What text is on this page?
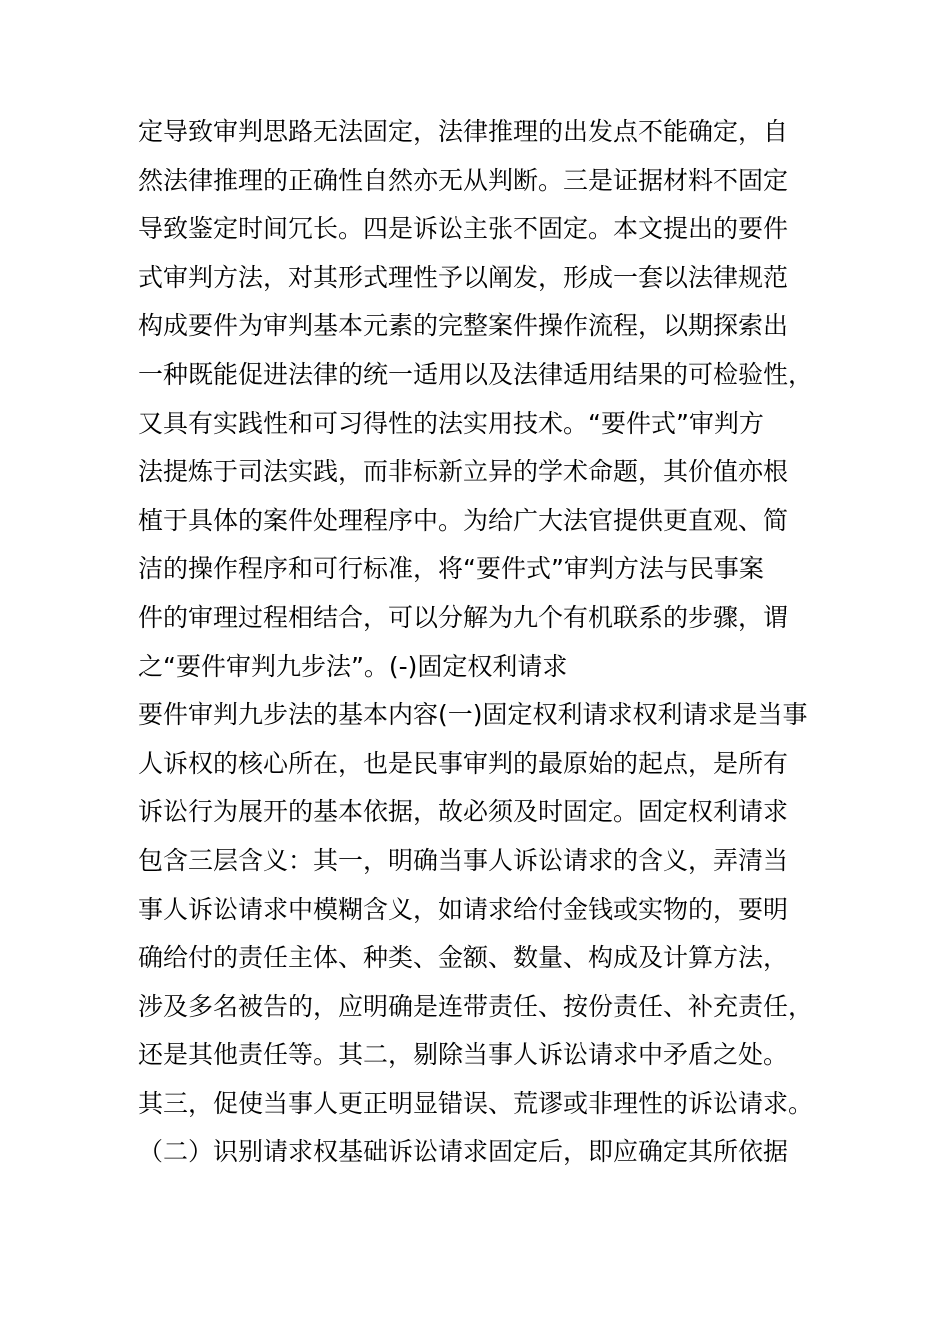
定导致审判思路无法固定，法律推理的出发点不能确定，自
然法律推理的正确性自然亦无从判断。三是证据材料不固定
导致鉴定时间冗长。四是诉讼主张不固定。本文提出的要件
式审判方法，对其形式理性予以阐发，形成一套以法律规范
构成要件为审判基本元素的完整案件操作流程，以期探索出
一种既能促进法律的统一适用以及法律适用结果的可检验性，
又具有实践性和可习得性的法实用技术。“要件式”审判方
法提炼于司法实践，而非标新立异的学术命题，其价值亦根
植于具体的案件处理程序中。为给广大法官提供更直观、简
洁的操作程序和可行标准，将“要件式”审判方法与民事案
件的审理过程相结合，可以分解为九个有机联系的步骤，谓
之“要件审判九步法”。(-)固定权利请求
要件审判九步法的基本内容(一)固定权利请求权利请求是当事
人诉权的核心所在，也是民事审判的最原始的起点，是所有
诉讼行为展开的基本依据，故必须及时固定。固定权利请求
包含三层含义：其一，明确当事人诉讼请求的含义，弄清当
事人诉讼请求中模糊含义，如请求给付金钱或实物的，要明
确给付的责任主体、种类、金额、数量、构成及计算方法，
涉及多名被告的，应明确是连带责任、按份责任、补充责任，
还是其他责任等。其二，剔除当事人诉讼请求中矛盾之处。
其三，促使当事人更正明显错误、荒谬或非理性的诉讼请求。
（二）识别请求权基础诉讼请求固定后，即应确定其所依据
